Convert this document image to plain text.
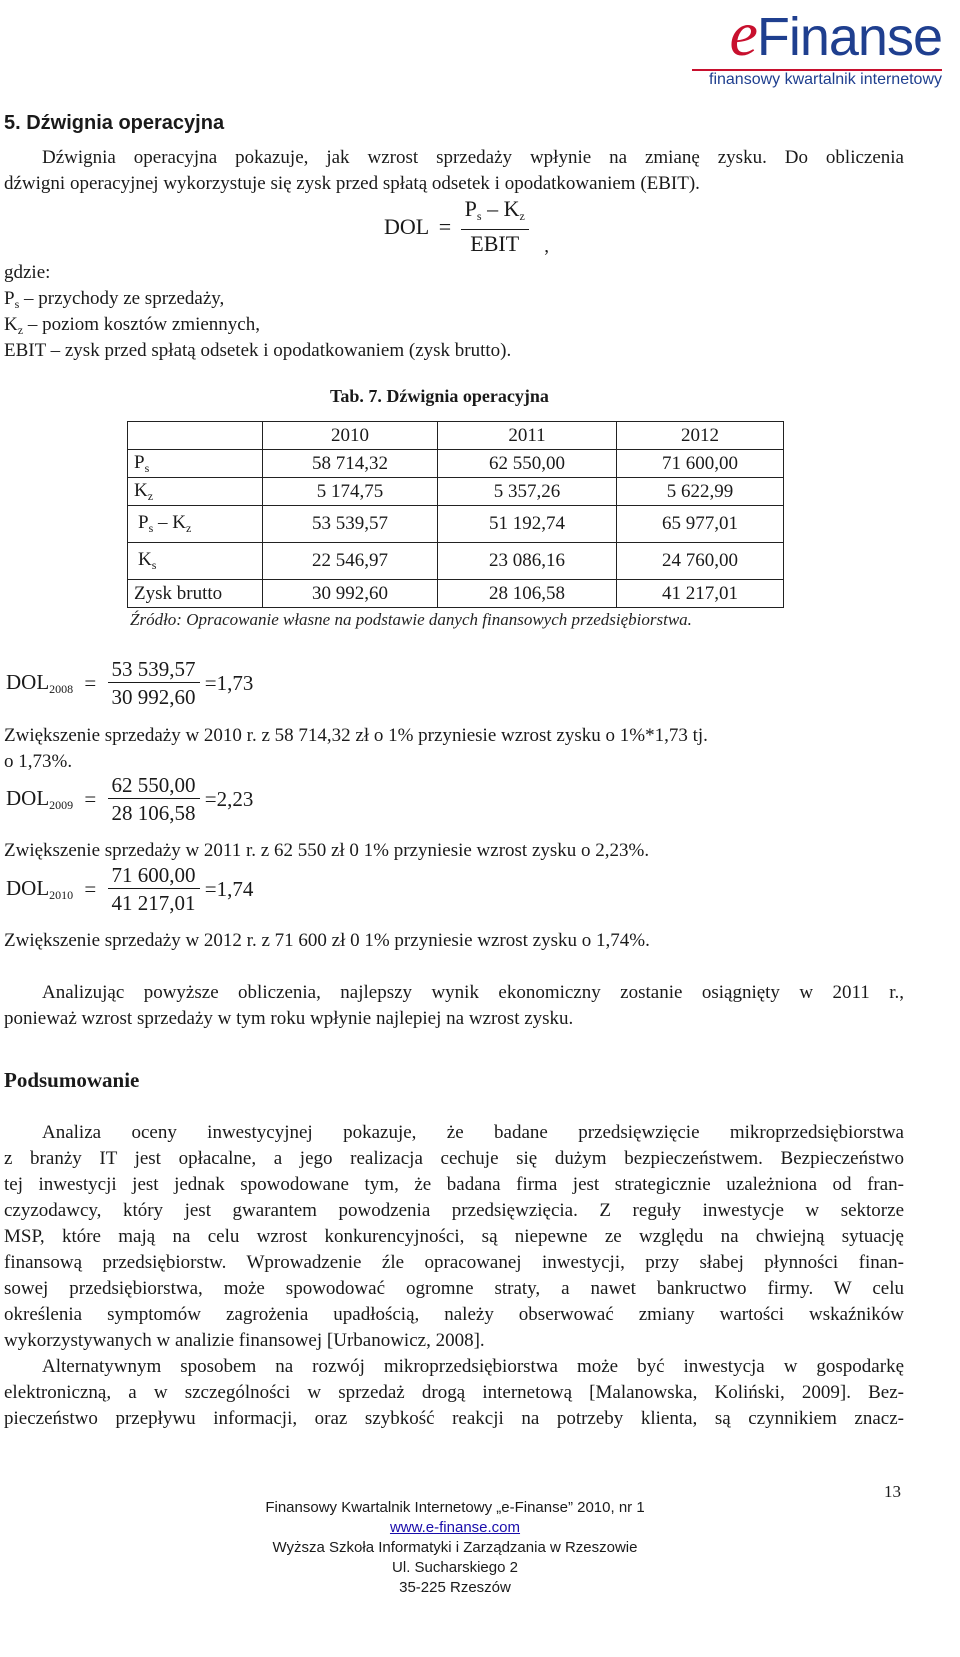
eFinanse
finansowy kwartalnik internetowy
5. Dźwignia operacyjna
Dźwignia operacyjna pokazuje, jak wzrost sprzedaży wpłynie na zmianę zysku. Do obliczenia
dźwigni operacyjnej wykorzystuje się zysk przed spłatą odsetek i opodatkowaniem (EBIT).
DOL = $\frac{P_s - K_z}{\text{EBIT}}$ ,
gdzie:
$P_s$ – przychody ze sprzedaży,
$K_z$ – poziom kosztów zmiennych,
EBIT – zysk przed spłatą odsetek i opodatkowaniem (zysk brutto).
Tab. 7. Dźwignia operacyjna
	2010	2011	2012
$P_s$	58 714,32	62 550,00	71 600,00
$K_z$	5 174,75	5 357,26	5 622,99
$P_s - K_z$	53 539,57	51 192,74	65 977,01
$K_s$	22 546,97	23 086,16	24 760,00
Zysk brutto	30 992,60	28 106,58	41 217,01
Źródło: Opracowanie własne na podstawie danych finansowych przedsiębiorstwa.
$DOL_{2008} = \frac{53 539,57}{30 992,60} =1,73$
Zwiększenie sprzedaży w 2010 r. z 58 714,32 zł o 1% przyniesie wzrost zysku o 1%*1,73 tj.
o 1,73%.
$DOL_{2009} = \frac{62 550,00}{28 106,58} =2,23$
Zwiększenie sprzedaży w 2011 r. z 62 550 zł 0 1% przyniesie wzrost zysku o 2,23%.
$DOL_{2010} = \frac{71 600,00}{41 217,01} =1,74$
Zwiększenie sprzedaży w 2012 r. z 71 600 zł 0 1% przyniesie wzrost zysku o 1,74%.
Analizując powyższe obliczenia, najlepszy wynik ekonomiczny zostanie osiągnięty w 2011 r.,
ponieważ wzrost sprzedaży w tym roku wpłynie najlepiej na wzrost zysku.
Podsumowanie
Analiza oceny inwestycyjnej pokazuje, że badane przedsięwzięcie mikroprzedsiębiorstwa
z branży IT jest opłacalne, a jego realizacja cechuje się dużym bezpieczeństwem. Bezpieczeństwo
tej inwestycji jest jednak spowodowane tym, że badana firma jest strategicznie uzależniona od fran-
czyzodawcy, który jest gwarantem powodzenia przedsięwzięcia. Z reguły inwestycje w sektorze
MSP, które mają na celu wzrost konkurencyjności, są niepewne ze względu na chwiejną sytuację
finansową przedsiębiorstw. Wprowadzenie źle opracowanej inwestycji, przy słabej płynności finan-
sowej przedsiębiorstwa, może spowodować ogromne straty, a nawet bankructwo firmy. W celu
określenia symptomów zagrożenia upadłością, należy obserwować zmiany wartości wskaźników
wykorzystywanych w analizie finansowej [Urbanowicz, 2008].
Alternatywnym sposobem na rozwój mikroprzedsiębiorstwa może być inwestycja w gospodarkę
elektroniczną, a w szczególności w sprzedaż drogą internetową [Malanowska, Koliński, 2009]. Bez-
pieczeństwo przepływu informacji, oraz szybkość reakcji na potrzeby klienta, są czynnikiem znacz-
13
Finansowy Kwartalnik Internetowy „e-Finanse” 2010, nr 1
www.e-finanse.com
Wyższa Szkoła Informatyki i Zarządzania w Rzeszowie
Ul. Sucharskiego 2
35-225 Rzeszów
